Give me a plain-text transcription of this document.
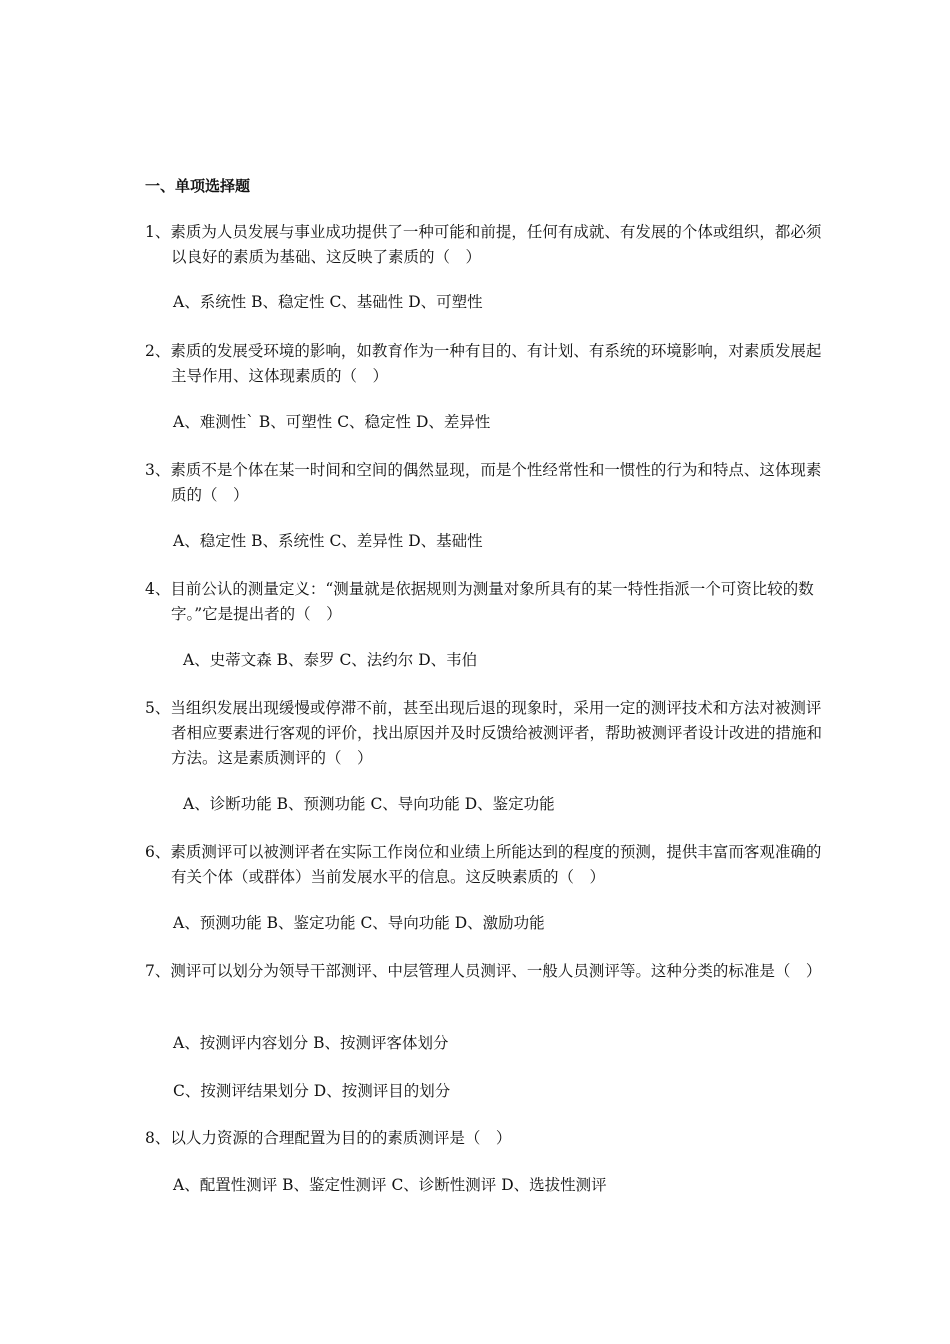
一、单项选择题

1、素质为人员发展与事业成功提供了一种可能和前提，任何有成就、有发展的个体或组织，都必须以良好的素质为基础、这反映了素质的（　）

A、系统性 B、稳定性 C、基础性 D、可塑性

2、素质的发展受环境的影响，如教育作为一种有目的、有计划、有系统的环境影响，对素质发展起主导作用、这体现素质的（　）

A、难测性` B、可塑性 C、稳定性 D、差异性

3、素质不是个体在某一时间和空间的偶然显现，而是个性经常性和一惯性的行为和特点、这体现素质的（　）

A、稳定性 B、系统性 C、差异性 D、基础性

4、目前公认的测量定义：“测量就是依据规则为测量对象所具有的某一特性指派一个可资比较的数字。”它是提出者的（　）

A、史蒂文森 B、泰罗 C、法约尔 D、韦伯

5、当组织发展出现缓慢或停滞不前，甚至出现后退的现象时，采用一定的测评技术和方法对被测评者相应要素进行客观的评价，找出原因并及时反馈给被测评者，帮助被测评者设计改进的措施和方法。这是素质测评的（　）

A、诊断功能 B、预测功能 C、导向功能 D、鉴定功能

6、素质测评可以被测评者在实际工作岗位和业绩上所能达到的程度的预测，提供丰富而客观准确的有关个体（或群体）当前发展水平的信息。这反映素质的（　）

A、预测功能 B、鉴定功能 C、导向功能 D、激励功能

7、测评可以划分为领导干部测评、中层管理人员测评、一般人员测评等。这种分类的标准是（　）

A、按测评内容划分 B、按测评客体划分

C、按测评结果划分 D、按测评目的划分

8、以人力资源的合理配置为目的的素质测评是（　）

A、配置性测评 B、鉴定性测评 C、诊断性测评 D、选拔性测评
